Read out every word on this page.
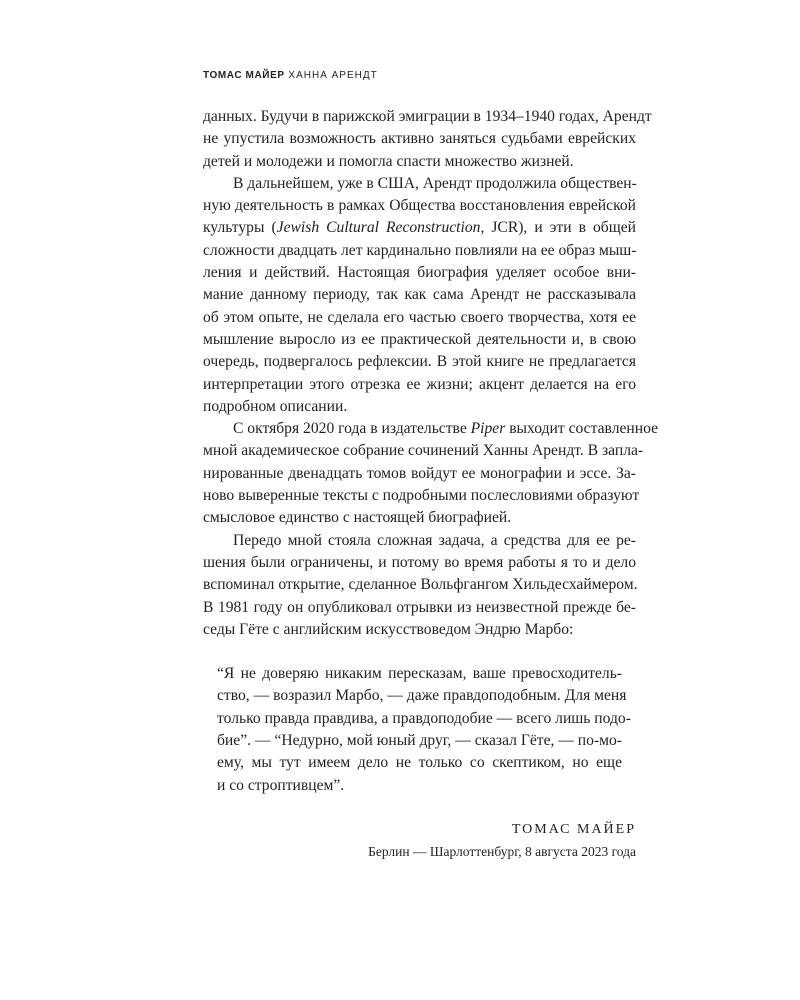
ТОМАС МАЙЕР ХАННА АРЕНДТ
данных. Будучи в парижской эмиграции в 1934–1940 годах, Арендт
не упустила возможность активно заняться судьбами еврейских
детей и молодежи и помогла спасти множество жизней.
В дальнейшем, уже в США, Арендт продолжила обществен-
ную деятельность в рамках Общества восстановления еврейской
культуры (Jewish Cultural Reconstruction, JCR), и эти в общей
сложности двадцать лет кардинально повлияли на ее образ мыш-
ления и действий. Настоящая биография уделяет особое вни-
мание данному периоду, так как сама Арендт не рассказывала
об этом опыте, не сделала его частью своего творчества, хотя ее
мышление выросло из ее практической деятельности и, в свою
очередь, подвергалось рефлексии. В этой книге не предлагается
интерпретации этого отрезка ее жизни; акцент делается на его
подробном описании.
С октября 2020 года в издательстве Piper выходит составленное
мной академическое собрание сочинений Ханны Арендт. В запла-
нированные двенадцать томов войдут ее монографии и эссе. За-
ново выверенные тексты с подробными послесловиями образуют
смысловое единство с настоящей биографией.
Передо мной стояла сложная задача, а средства для ее ре-
шения были ограничены, и потому во время работы я то и дело
вспоминал открытие, сделанное Вольфгангом Хильдесхаймером.
В 1981 году он опубликовал отрывки из неизвестной прежде бе-
седы Гёте с английским искусствоведом Эндрю Марбо:
“Я не доверяю никаким пересказам, ваше превосходитель-
ство, — возразил Марбо, — даже правдоподобным. Для меня
только правда правдива, а правдоподобие — всего лишь подо-
бие”. — “Недурно, мой юный друг, — сказал Гёте, — по-мо-
ему, мы тут имеем дело не только со скептиком, но еще
и со строптивцем”.
ТОМАС МАЙЕР
Берлин — Шарлоттенбург, 8 августа 2023 года
